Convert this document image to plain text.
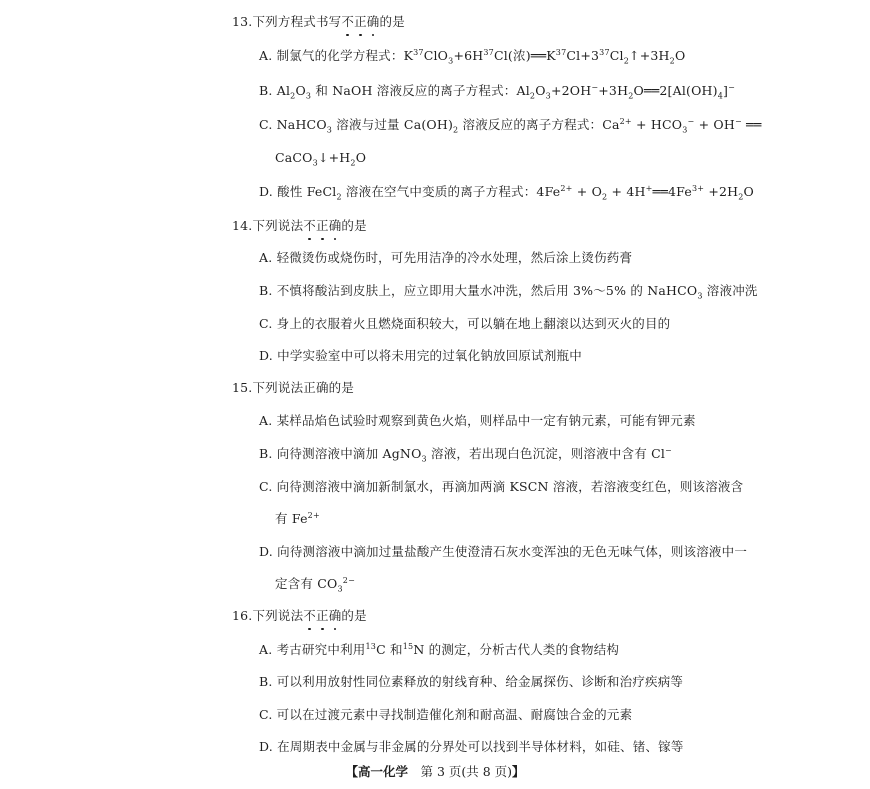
13.下列方程式书写不正确的是
A. 制氯气的化学方程式：$K^{37}ClO_3+6H^{37}Cl$(浓)$══K^{37}Cl+3^{37}Cl_2↑+3H_2O$
B. $Al_2O_3$ 和 NaOH 溶液反应的离子方程式：$Al_2O_3+2OH^-+3H_2O══2[Al(OH)_4]^-$
C. NaHCO$_3$ 溶液与过量 $Ca(OH)_2$ 溶液反应的离子方程式：$Ca^{2+} + HCO_3^- + OH^-$ ══
$CaCO_3↓+H_2O$
D. 酸性 FeCl$_2$ 溶液在空气中变质的离子方程式：$4Fe^{2+} + O_2$ + $4H^+══4Fe^{3+} +2H_2O$
14.下列说法不正确的是
A. 轻微烫伤或烧伤时，可先用洁净的冷水处理，然后涂上烫伤药膏
B. 不慎将酸沾到皮肤上，应立即用大量水冲洗，然后用 3%～5% 的 NaHCO$_3$ 溶液冲洗
C. 身上的衣服着火且燃烧面积较大，可以躺在地上翻滚以达到灭火的目的
D. 中学实验室中可以将未用完的过氧化钠放回原试剂瓶中
15.下列说法正确的是
A. 某样品焰色试验时观察到黄色火焰，则样品中一定有钠元素，可能有钾元素
B. 向待测溶液中滴加 AgNO$_3$ 溶液，若出现白色沉淀，则溶液中含有 Cl−
C. 向待测溶液中滴加新制氯水，再滴加两滴 KSCN 溶液，若溶液变红色，则该溶液含
有 $Fe^{2+}$
D. 向待测溶液中滴加过量盐酸产生使澄清石灰水变浑浊的无色无味气体，则该溶液中一
定含有 $CO_3^{2-}$
16.下列说法不正确的是
A. 考古研究中利用$^{13}$C 和$^{15}$N 的测定，分析古代人类的食物结构
B. 可以利用放射性同位素释放的射线育种、给金属探伤、诊断和治疗疾病等
C. 可以在过渡元素中寻找制造催化剂和耐高温、耐腐蚀合金的元素
D. 在周期表中金属与非金属的分界处可以找到半导体材料，如硅、锗、镓等
【高一化学　 第 3 页(共 8 页)】
